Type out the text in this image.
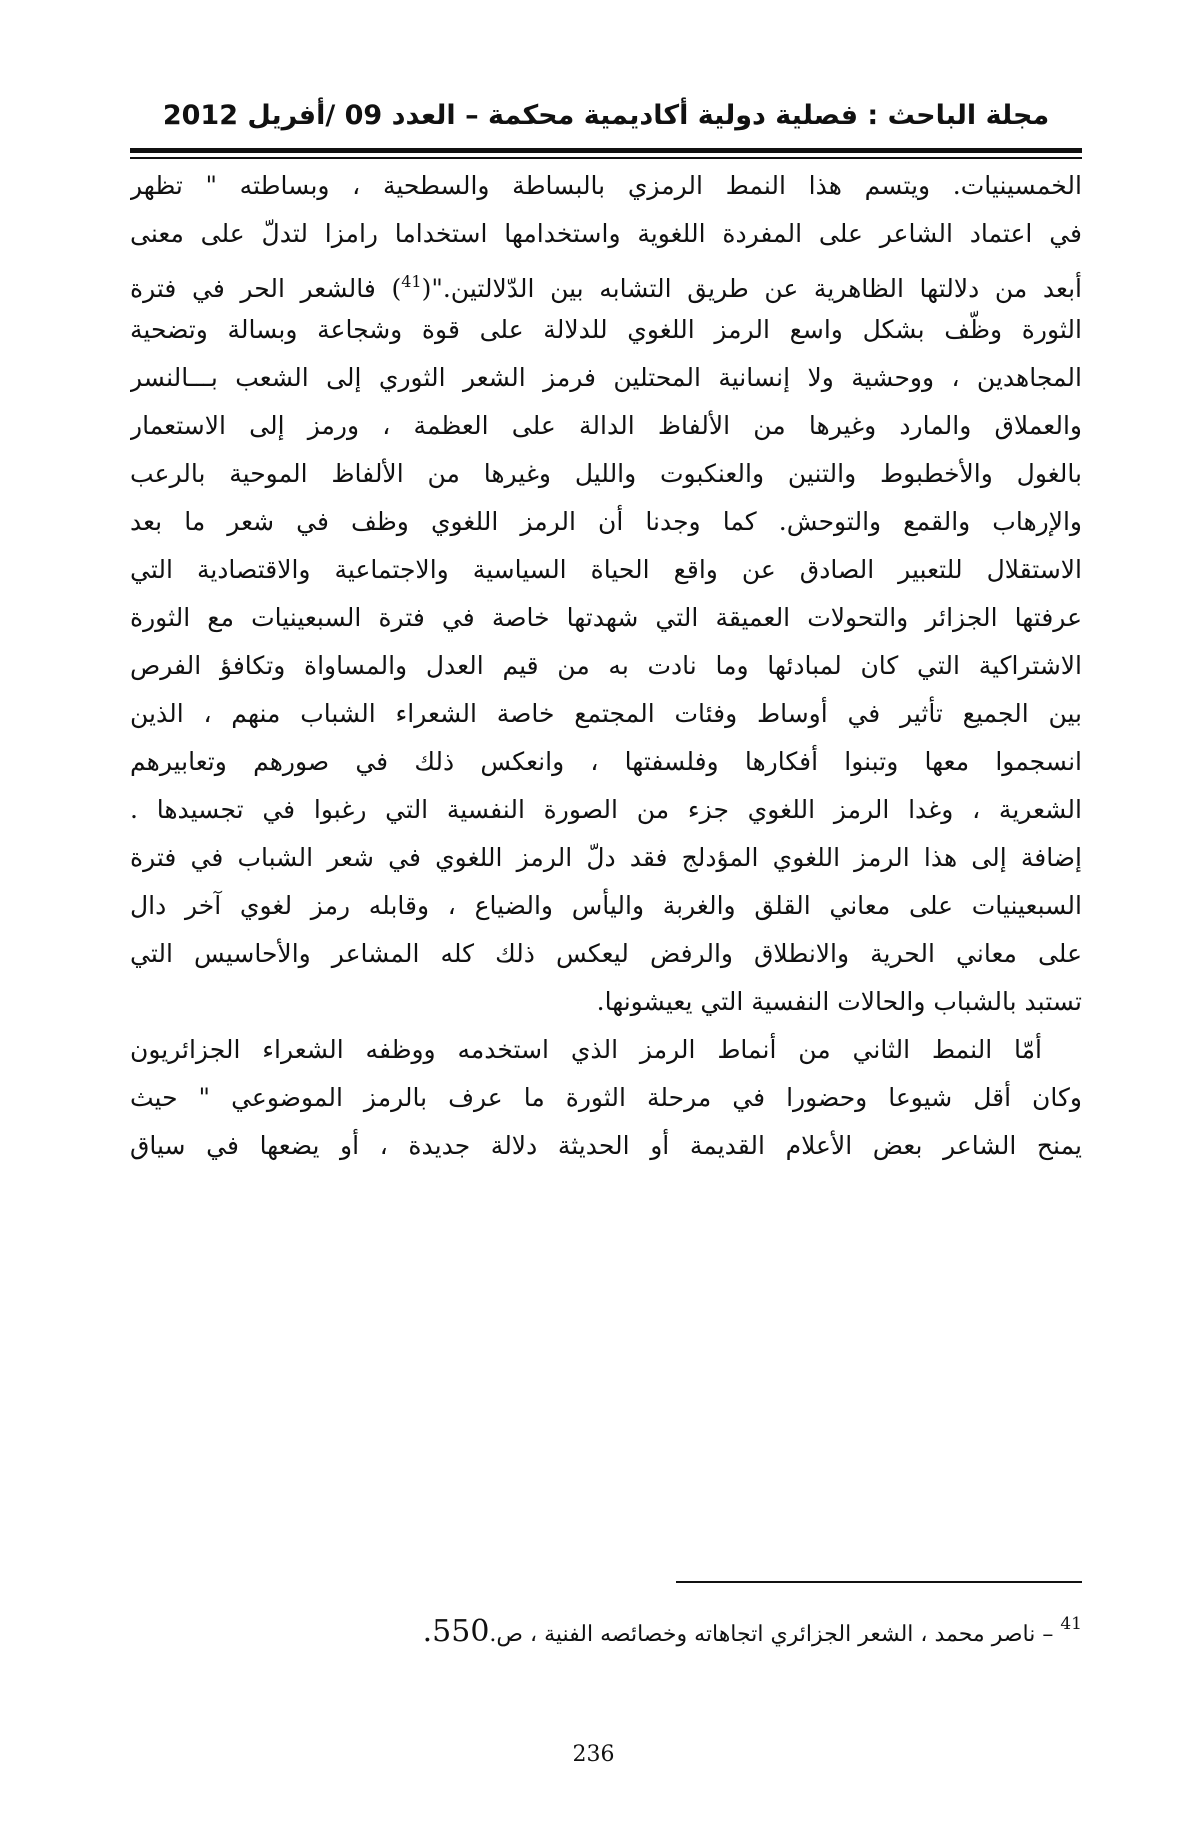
مجلة الباحث : فصلية دولية أكاديمية محكمة – العدد 09 /أفريل 2012
الخمسينيات. ويتسم هذا النمط الرمزي بالبساطة والسطحية ، وبساطته " تظهر
في اعتماد الشاعر على المفردة اللغوية واستخدامها استخداما رامزا لتدلّ على معنى
أبعد من دلالتها الظاهرية عن طريق التشابه بين الدّلالتين."($^{41}$) فالشعر الحر في فترة
الثورة وظّف بشكل واسع الرمز اللغوي للدلالة على قوة وشجاعة وبسالة وتضحية
المجاهدين ، ووحشية ولا إنسانية المحتلين فرمز الشعر الثوري إلى الشعب بـــالنسر
والعملاق والمارد وغيرها من الألفاظ الدالة على العظمة ، ورمز إلى الاستعمار
بالغول والأخطبوط والتنين والعنكبوت والليل وغيرها من الألفاظ الموحية بالرعب
والإرهاب والقمع والتوحش. كما وجدنا أن الرمز اللغوي وظف في شعر ما بعد
الاستقلال للتعبير الصادق عن واقع الحياة السياسية والاجتماعية والاقتصادية التي
عرفتها الجزائر والتحولات العميقة التي شهدتها خاصة في فترة السبعينيات مع الثورة
الاشتراكية التي كان لمبادئها وما نادت به من قيم العدل والمساواة وتكافؤ الفرص
بين الجميع تأثير في أوساط وفئات المجتمع خاصة الشعراء الشباب منهم ، الذين
انسجموا معها وتبنوا أفكارها وفلسفتها ، وانعكس ذلك في صورهم وتعابيرهم
الشعرية ، وغدا الرمز اللغوي جزء من الصورة النفسية التي رغبوا في تجسيدها .
إضافة إلى هذا الرمز اللغوي المؤدلج فقد دلّ الرمز اللغوي في شعر الشباب في فترة
السبعينيات على معاني القلق والغربة واليأس والضياع ، وقابله رمز لغوي آخر دال
على معاني الحرية والانطلاق والرفض ليعكس ذلك كله المشاعر والأحاسيس التي
تستبد بالشباب والحالات النفسية التي يعيشونها.
أمّا النمط الثاني من أنماط الرمز الذي استخدمه ووظفه الشعراء الجزائريون
وكان أقل شيوعا وحضورا في مرحلة الثورة ما عرف بالرمز الموضوعي " حيث
يمنح الشاعر بعض الأعلام القديمة أو الحديثة دلالة جديدة ، أو يضعها في سياق
$^{41}$ – ناصر محمد ، الشعر الجزائري اتجاهاته وخصائصه الفنية ، ص.550.
236
